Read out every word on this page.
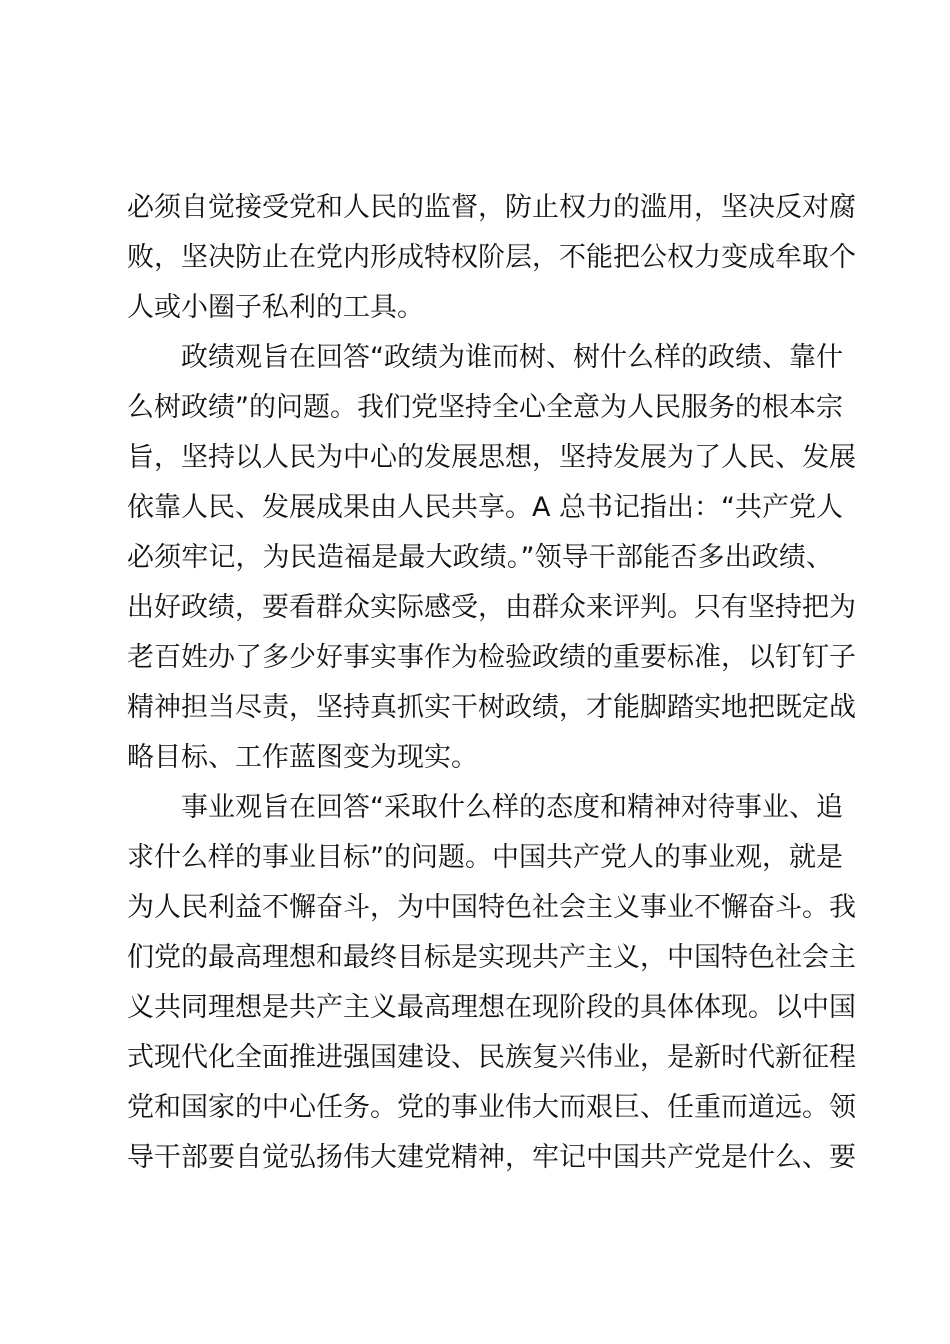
必须自觉接受党和人民的监督，防止权力的滥用，坚决反对腐
败，坚决防止在党内形成特权阶层，不能把公权力变成牟取个
人或小圈子私利的工具。
政绩观旨在回答“政绩为谁而树、树什么样的政绩、靠什
么树政绩”的问题。我们党坚持全心全意为人民服务的根本宗
旨，坚持以人民为中心的发展思想，坚持发展为了人民、发展
依靠人民、发展成果由人民共享。A 总书记指出：“共产党人
必须牢记，为民造福是最大政绩。”领导干部能否多出政绩、
出好政绩，要看群众实际感受，由群众来评判。只有坚持把为
老百姓办了多少好事实事作为检验政绩的重要标准，以钉钉子
精神担当尽责，坚持真抓实干树政绩，才能脚踏实地把既定战
略目标、工作蓝图变为现实。
事业观旨在回答“采取什么样的态度和精神对待事业、追
求什么样的事业目标”的问题。中国共产党人的事业观，就是
为人民利益不懈奋斗，为中国特色社会主义事业不懈奋斗。我
们党的最高理想和最终目标是实现共产主义，中国特色社会主
义共同理想是共产主义最高理想在现阶段的具体体现。以中国
式现代化全面推进强国建设、民族复兴伟业，是新时代新征程
党和国家的中心任务。党的事业伟大而艰巨、任重而道远。领
导干部要自觉弘扬伟大建党精神，牢记中国共产党是什么、要
